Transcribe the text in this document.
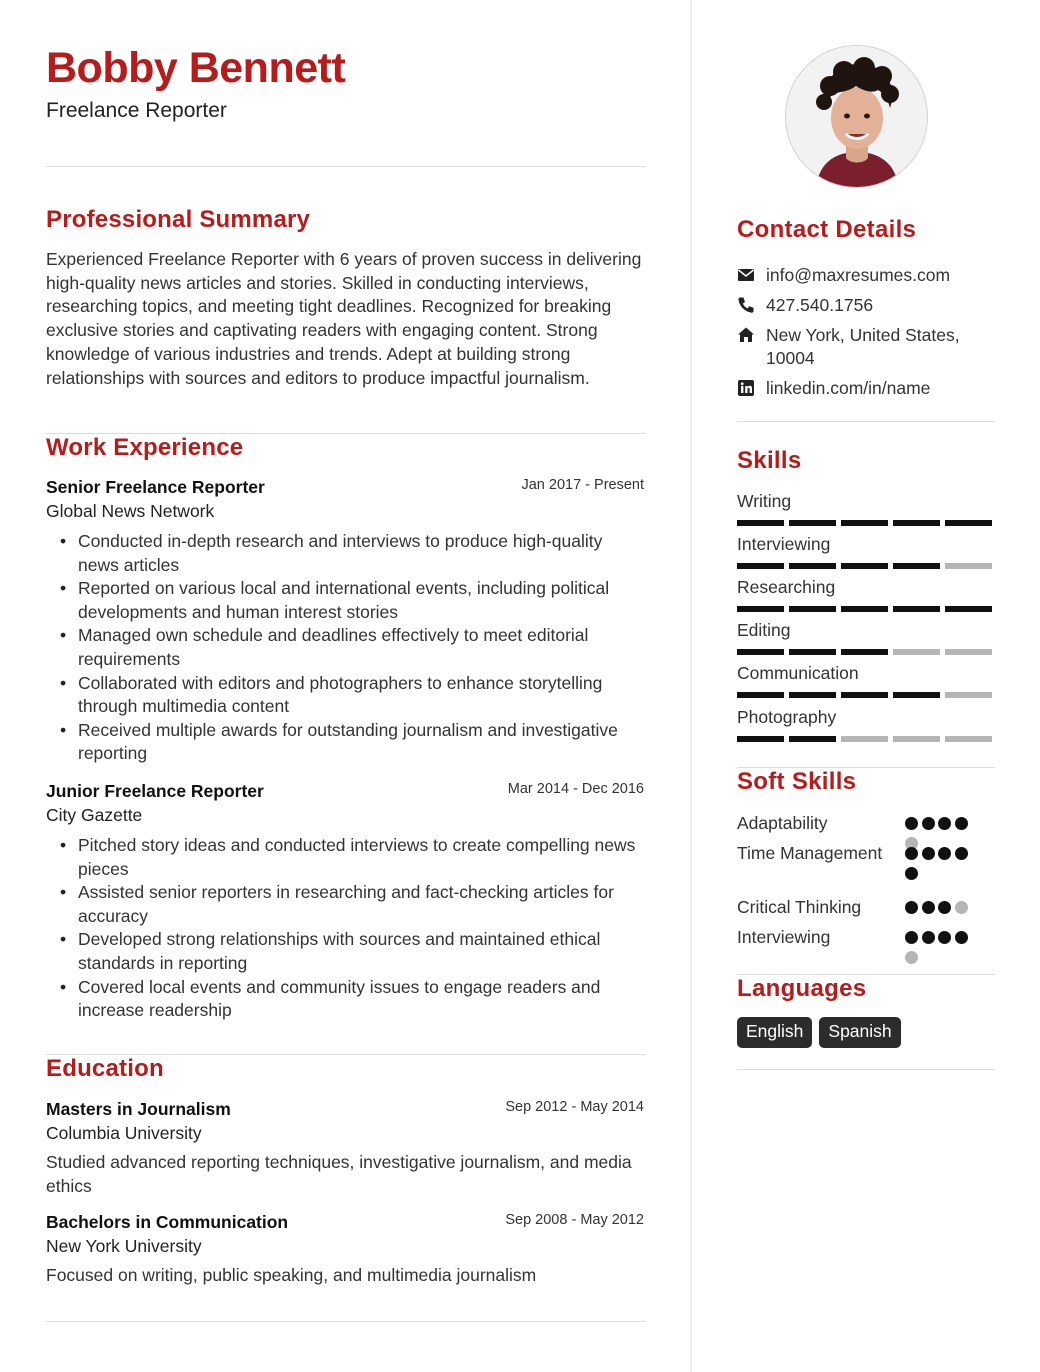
Bobby Bennett
Freelance Reporter
Professional Summary
Experienced Freelance Reporter with 6 years of proven success in delivering high-quality news articles and stories. Skilled in conducting interviews, researching topics, and meeting tight deadlines. Recognized for breaking exclusive stories and captivating readers with engaging content. Strong knowledge of various industries and trends. Adept at building strong relationships with sources and editors to produce impactful journalism.
Work Experience
Senior Freelance Reporter	Jan 2017 - Present
Global News Network
• Conducted in-depth research and interviews to produce high-quality news articles
• Reported on various local and international events, including political developments and human interest stories
• Managed own schedule and deadlines effectively to meet editorial requirements
• Collaborated with editors and photographers to enhance storytelling through multimedia content
• Received multiple awards for outstanding journalism and investigative reporting
Junior Freelance Reporter	Mar 2014 - Dec 2016
City Gazette
• Pitched story ideas and conducted interviews to create compelling news pieces
• Assisted senior reporters in researching and fact-checking articles for accuracy
• Developed strong relationships with sources and maintained ethical standards in reporting
• Covered local events and community issues to engage readers and increase readership
Education
Masters in Journalism	Sep 2012 - May 2014
Columbia University
Studied advanced reporting techniques, investigative journalism, and media ethics
Bachelors in Communication	Sep 2008 - May 2012
New York University
Focused on writing, public speaking, and multimedia journalism
Contact Details
info@maxresumes.com
427.540.1756
New York, United States, 10004
linkedin.com/in/name
Skills
Writing
Interviewing
Researching
Editing
Communication
Photography
Soft Skills
Adaptability
Time Management
Critical Thinking
Interviewing
Languages
English	Spanish
